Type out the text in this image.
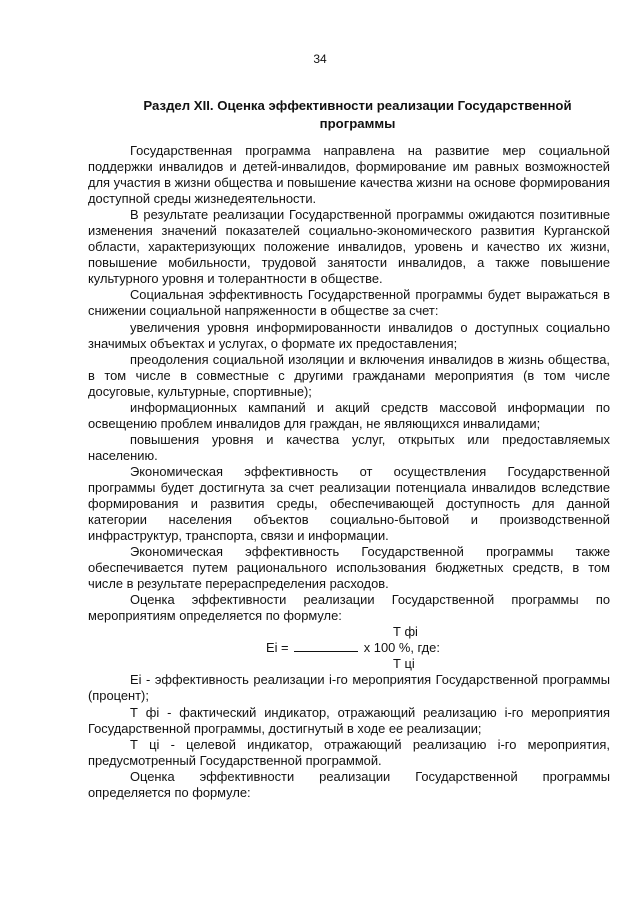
34
Раздел XII. Оценка эффективности реализации Государственной программы

Государственная программа направлена на развитие мер социальной поддержки инвалидов и детей-инвалидов, формирование им равных возможностей для участия в жизни общества и повышение качества жизни на основе формирования доступной среды жизнедеятельности.

В результате реализации Государственной программы ожидаются позитивные изменения значений показателей социально-экономического развития Курганской области, характеризующих положение инвалидов, уровень и качество их жизни, повышение мобильности, трудовой занятости инвалидов, а также повышение культурного уровня и толерантности в обществе.

Социальная эффективность Государственной программы будет выражаться в снижении социальной напряженности в обществе за счет:

увеличения уровня информированности инвалидов о доступных социально значимых объектах и услугах, о формате их предоставления;

преодоления социальной изоляции и включения инвалидов в жизнь общества, в том числе в совместные с другими гражданами мероприятия (в том числе досуговые, культурные, спортивные);

информационных кампаний и акций средств массовой информации по освещению проблем инвалидов для граждан, не являющихся инвалидами;

повышения уровня и качества услуг, открытых или предоставляемых населению.

Экономическая эффективность от осуществления Государственной программы будет достигнута за счет реализации потенциала инвалидов вследствие формирования и развития среды, обеспечивающей доступность для данной категории населения объектов социально-бытовой и производственной инфраструктур, транспорта, связи и информации.

Экономическая эффективность Государственной программы также обеспечивается путем рационального использования бюджетных средств, в том числе в результате перераспределения расходов.

Оценка эффективности реализации Государственной программы по мероприятиям определяется по формуле:

Т фi
Еi =	х 100 %, где:
Т цi

Еi - эффективность реализации i-го мероприятия Государственной программы (процент);

Т фi - фактический индикатор, отражающий реализацию i-го мероприятия Государственной программы, достигнутый в ходе ее реализации;

Т цi - целевой индикатор, отражающий реализацию i-го мероприятия, предусмотренный Государственной программой.

Оценка эффективности реализации Государственной программы определяется по формуле:
